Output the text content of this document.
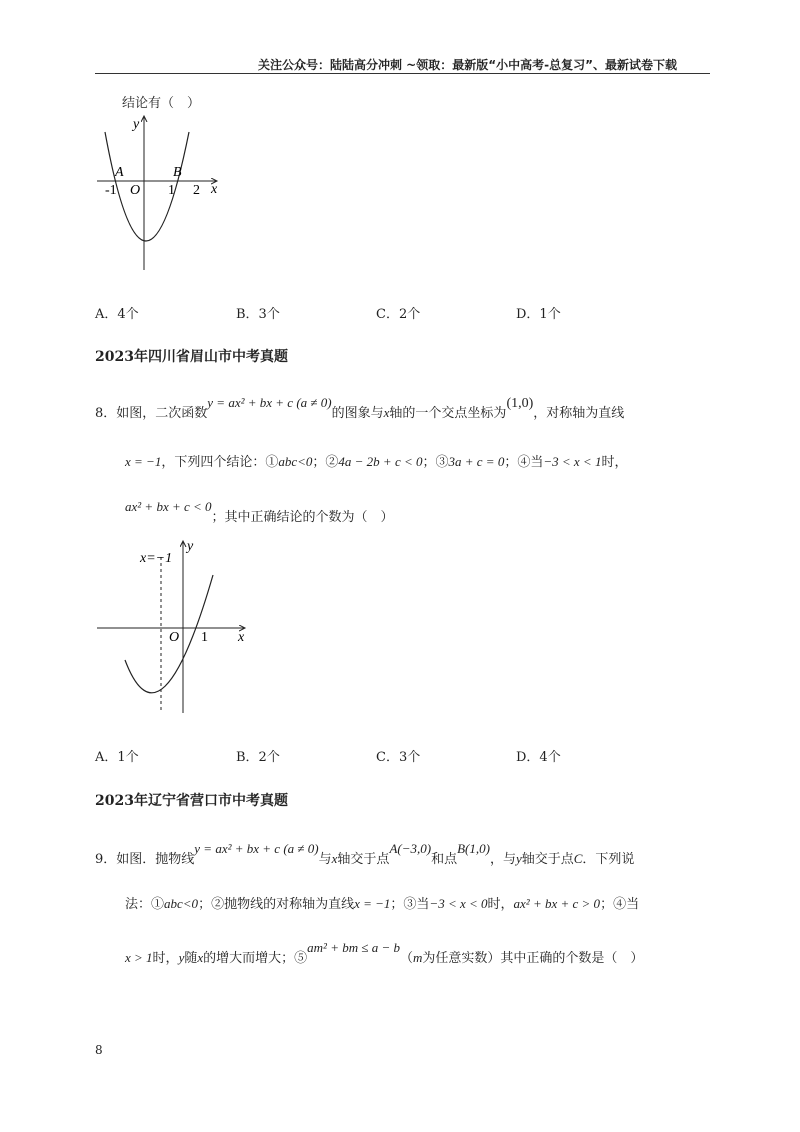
关注公众号：陆陆高分冲刺 ~领取：最新版“小中高考-总复习”、最新试卷下载
结论有（　）
y
x
O
A	B
-1	1 2
A．4个	B．3个	C．2个	D．1个
2023年四川省眉山市中考真题
8．如图，二次函数y = ax² + bx + c (a ≠ 0)的图象与x轴的一个交点坐标为(1,0)，对称轴为直线
x = −1，下列四个结论：①abc<0；②4a − 2b + c < 0；③3a + c = 0；④当−3 < x < 1时，
ax² + bx + c < 0；其中正确结论的个数为（　）
x=−1
y
x
O 1
A．1个	B．2个	C．3个	D．4个
2023年辽宁省营口市中考真题
9．如图．抛物线y = ax² + bx + c (a ≠ 0)与x轴交于点A(−3,0)和点B(1,0)，与y轴交于点C．下列说
法：①abc<0；②抛物线的对称轴为直线x = −1；③当−3 < x < 0时，ax² + bx + c > 0；④当
x > 1时，y随x的增大而增大；⑤am² + bm ≤ a − b（m为任意实数）其中正确的个数是（　）
8
